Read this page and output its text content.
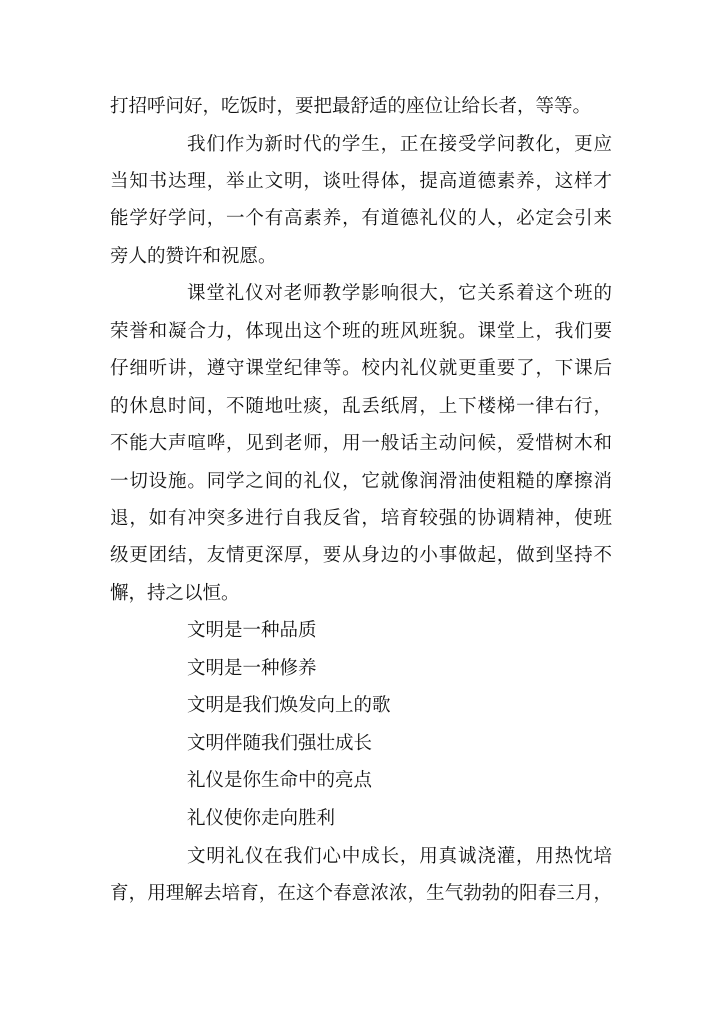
打招呼问好，吃饭时，要把最舒适的座位让给长者，等等。
我们作为新时代的学生，正在接受学问教化，更应
当知书达理，举止文明，谈吐得体，提高道德素养，这样才
能学好学问，一个有高素养，有道德礼仪的人，必定会引来
旁人的赞许和祝愿。
课堂礼仪对老师教学影响很大，它关系着这个班的
荣誉和凝合力，体现出这个班的班风班貌。课堂上，我们要
仔细听讲，遵守课堂纪律等。校内礼仪就更重要了，下课后
的休息时间，不随地吐痰，乱丢纸屑，上下楼梯一律右行，
不能大声喧哗，见到老师，用一般话主动问候，爱惜树木和
一切设施。同学之间的礼仪，它就像润滑油使粗糙的摩擦消
退，如有冲突多进行自我反省，培育较强的协调精神，使班
级更团结，友情更深厚，要从身边的小事做起，做到坚持不
懈，持之以恒。
文明是一种品质
文明是一种修养
文明是我们焕发向上的歌
文明伴随我们强壮成长
礼仪是你生命中的亮点
礼仪使你走向胜利
文明礼仪在我们心中成长，用真诚浇灌，用热忱培
育，用理解去培育，在这个春意浓浓，生气勃勃的阳春三月，
